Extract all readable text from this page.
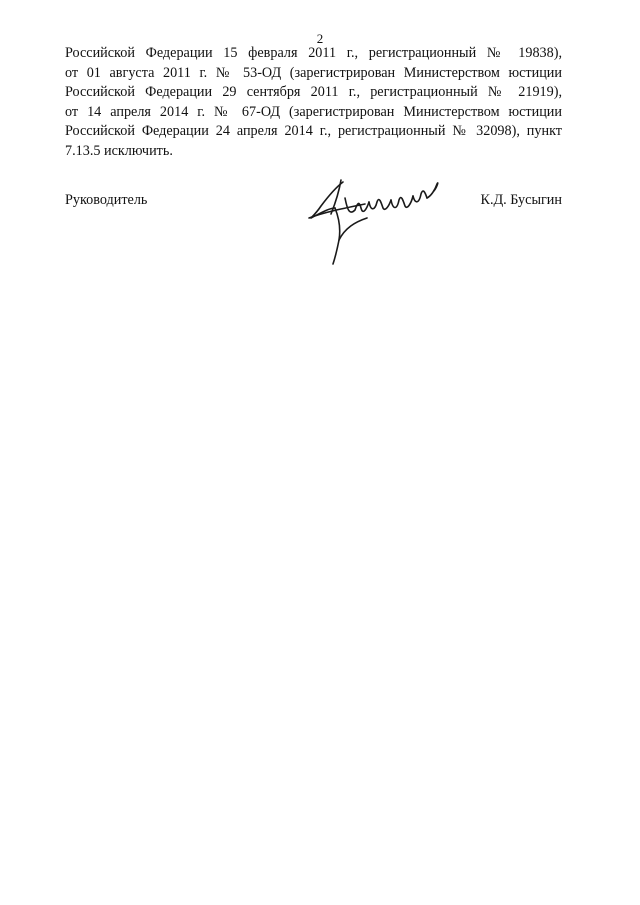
2
Российской Федерации 15 февраля 2011 г., регистрационный № 19838),
от 01 августа 2011 г. № 53-ОД (зарегистрирован Министерством юстиции
Российской Федерации 29 сентября 2011 г., регистрационный № 21919),
от 14 апреля 2014 г. № 67-ОД (зарегистрирован Министерством юстиции
Российской Федерации 24 апреля 2014 г., регистрационный № 32098), пункт
7.13.5 исключить.
Руководитель	К.Д. Бусыгин
